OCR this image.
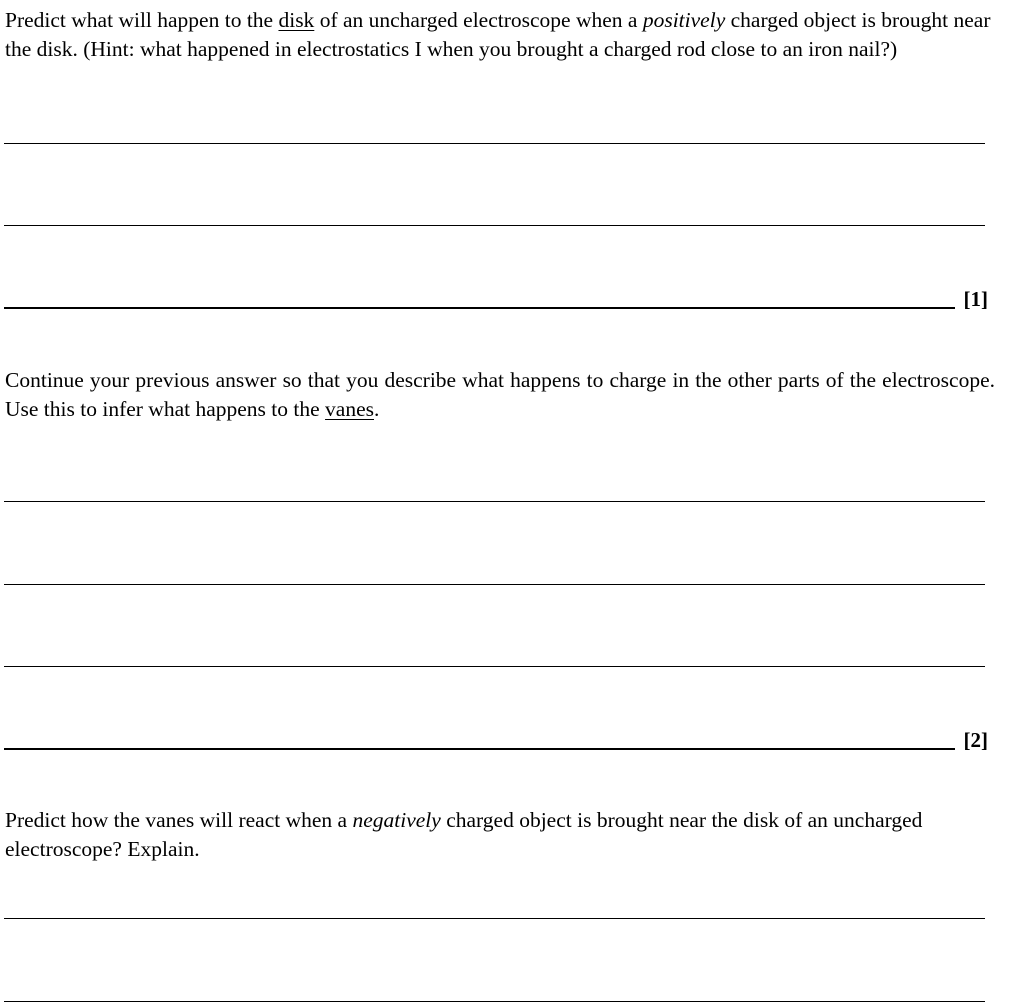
Predict what will happen to the disk of an uncharged electroscope when a positively charged object is brought near the disk. (Hint: what happened in electrostatics I when you brought a charged rod close to an iron nail?)

[1]

Continue your previous answer so that you describe what happens to charge in the other parts of the electroscope. Use this to infer what happens to the vanes.

[2]

Predict how the vanes will react when a negatively charged object is brought near the disk of an uncharged electroscope? Explain.
